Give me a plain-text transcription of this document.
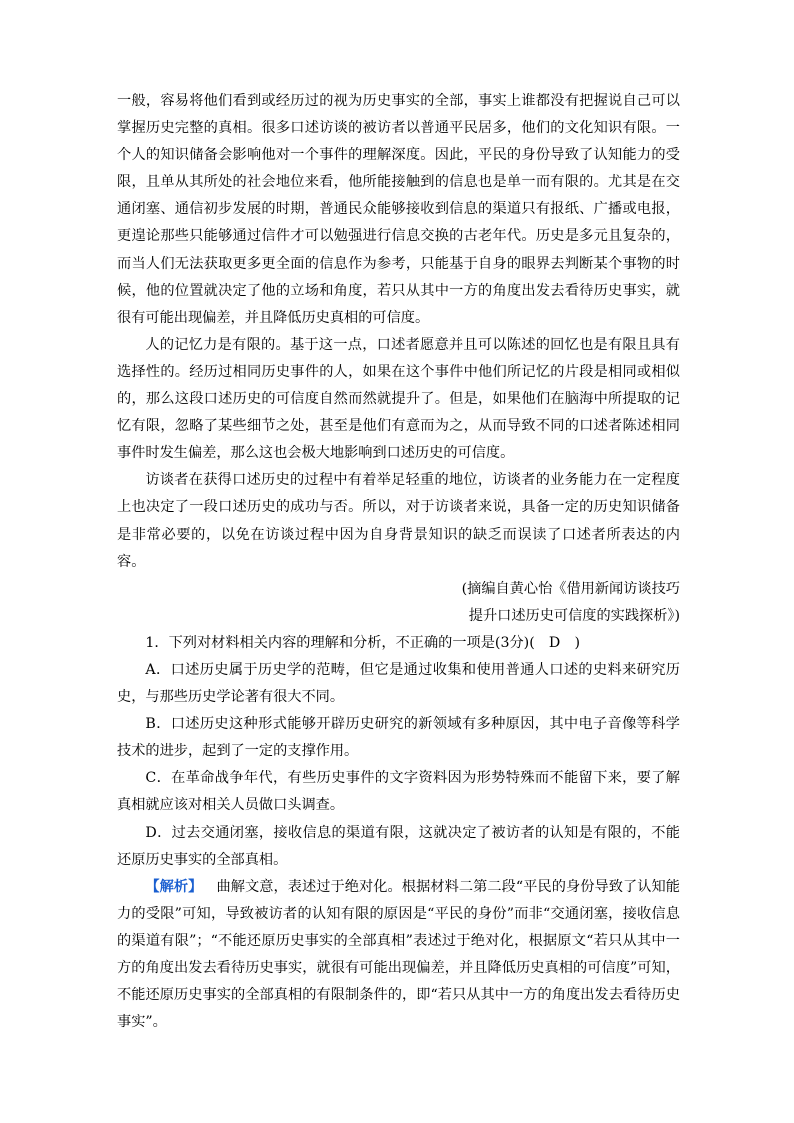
一般，容易将他们看到或经历过的视为历史事实的全部，事实上谁都没有把握说自己可以掌握历史完整的真相。很多口述访谈的被访者以普通平民居多，他们的文化知识有限。一个人的知识储备会影响他对一个事件的理解深度。因此，平民的身份导致了认知能力的受限，且单从其所处的社会地位来看，他所能接触到的信息也是单一而有限的。尤其是在交通闭塞、通信初步发展的时期，普通民众能够接收到信息的渠道只有报纸、广播或电报，更遑论那些只能够通过信件才可以勉强进行信息交换的古老年代。历史是多元且复杂的，而当人们无法获取更多更全面的信息作为参考，只能基于自身的眼界去判断某个事物的时候，他的位置就决定了他的立场和角度，若只从其中一方的角度出发去看待历史事实，就很有可能出现偏差，并且降低历史真相的可信度。

人的记忆力是有限的。基于这一点，口述者愿意并且可以陈述的回忆也是有限且具有选择性的。经历过相同历史事件的人，如果在这个事件中他们所记忆的片段是相同或相似的，那么这段口述历史的可信度自然而然就提升了。但是，如果他们在脑海中所提取的记忆有限，忽略了某些细节之处，甚至是他们有意而为之，从而导致不同的口述者陈述相同事件时发生偏差，那么这也会极大地影响到口述历史的可信度。

访谈者在获得口述历史的过程中有着举足轻重的地位，访谈者的业务能力在一定程度上也决定了一段口述历史的成功与否。所以，对于访谈者来说，具备一定的历史知识储备是非常必要的，以免在访谈过程中因为自身背景知识的缺乏而误读了口述者所表达的内容。

(摘编自黄心怡《借用新闻访谈技巧

提升口述历史可信度的实践探析》)

1．下列对材料相关内容的理解和分析，不正确的一项是(3分)(　D　)

A．口述历史属于历史学的范畴，但它是通过收集和使用普通人口述的史料来研究历史，与那些历史学论著有很大不同。

B．口述历史这种形式能够开辟历史研究的新领域有多种原因，其中电子音像等科学技术的进步，起到了一定的支撑作用。

C．在革命战争年代，有些历史事件的文字资料因为形势特殊而不能留下来，要了解真相就应该对相关人员做口头调查。

D．过去交通闭塞，接收信息的渠道有限，这就决定了被访者的认知是有限的，不能还原历史事实的全部真相。

【解析】 曲解文意，表述过于绝对化。根据材料二第二段“平民的身份导致了认知能力的受限”可知，导致被访者的认知有限的原因是“平民的身份”而非“交通闭塞，接收信息的渠道有限”；“不能还原历史事实的全部真相”表述过于绝对化，根据原文“若只从其中一方的角度出发去看待历史事实，就很有可能出现偏差，并且降低历史真相的可信度”可知，不能还原历史事实的全部真相的有限制条件的，即“若只从其中一方的角度出发去看待历史事实”。
